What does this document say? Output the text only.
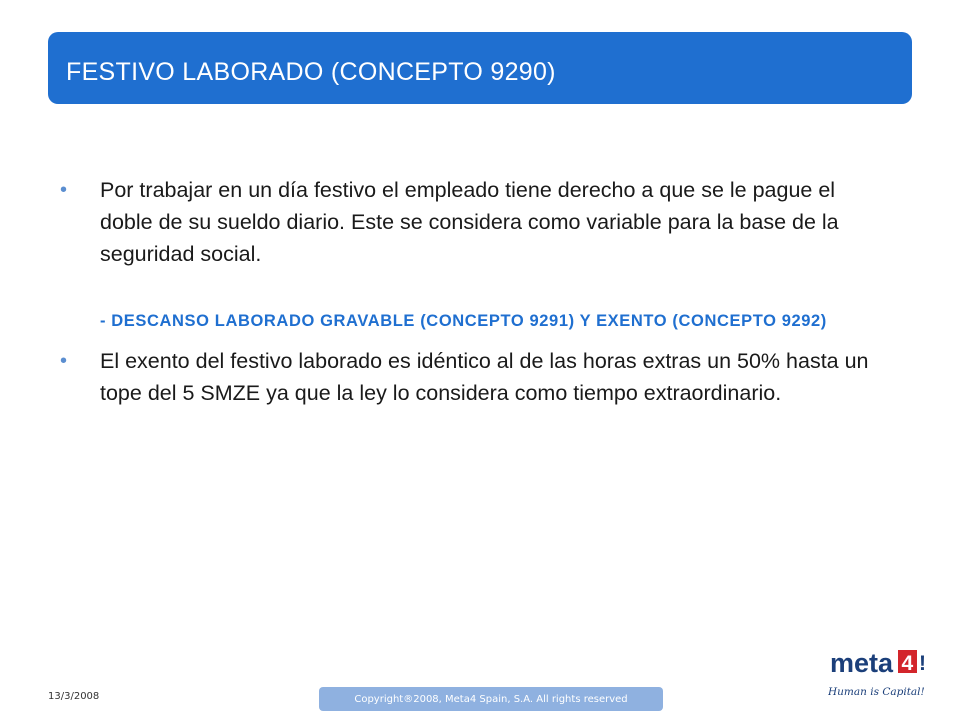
FESTIVO LABORADO (CONCEPTO 9290)
• Por trabajar en un día festivo el empleado tiene derecho a que se le pague el doble de su sueldo diario. Este se considera como variable para la base de la seguridad social.
- DESCANSO LABORADO GRAVABLE (CONCEPTO 9291) Y EXENTO (CONCEPTO 9292)
• El exento del festivo laborado es idéntico al de las horas extras un 50% hasta un tope del 5 SMZE ya que la ley lo considera como tiempo extraordinario.
13/3/2008	Copyright®2008, Meta4 Spain, S.A. All rights reserved
meta 4 !
Human is Capital!
